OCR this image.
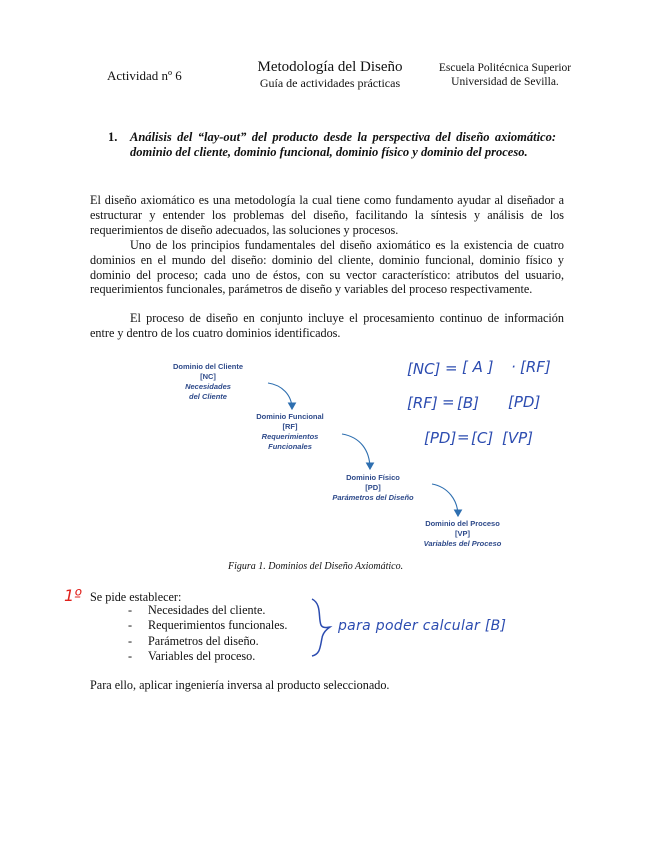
Actividad nº 6
Metodología del Diseño
Guía de actividades prácticas
Escuela Politécnica Superior
Universidad de Sevilla.
1.	Análisis del “lay-out” del producto desde la perspectiva del diseño axiomático: dominio del cliente, dominio funcional, dominio físico y dominio del proceso.
El diseño axiomático es una metodología la cual tiene como fundamento ayudar al diseñador a estructurar y entender los problemas del diseño, facilitando la síntesis y análisis de los requerimientos de diseño adecuados, las soluciones y procesos.
Uno de los principios fundamentales del diseño axiomático es la existencia de cuatro dominios en el mundo del diseño: dominio del cliente, dominio funcional, dominio físico y dominio del proceso; cada uno de éstos, con su vector característico: atributos del usuario, requerimientos funcionales, parámetros de diseño y variables del proceso respectivamente.
El proceso de diseño en conjunto incluye el procesamiento continuo de información entre y dentro de los cuatro dominios identificados.
Dominio del Cliente
[NC]
Necesidades
del Cliente
Dominio Funcional
[RF]
Requerimientos
Funcionales
Dominio Físico
[PD]
Parámetros del Diseño
Dominio del Proceso
[VP]
Variables del Proceso
[NC] = [ A ] · [RF]
[RF] = [B] [PD]
[PD] = [C] [VP]
Figura 1. Dominios del Diseño Axiomático.
1º Se pide establecer:
- Necesidades del cliente.
- Requerimientos funcionales.
- Parámetros del diseño.
- Variables del proceso.
para poder calcular [B]
Para ello, aplicar ingeniería inversa al producto seleccionado.
